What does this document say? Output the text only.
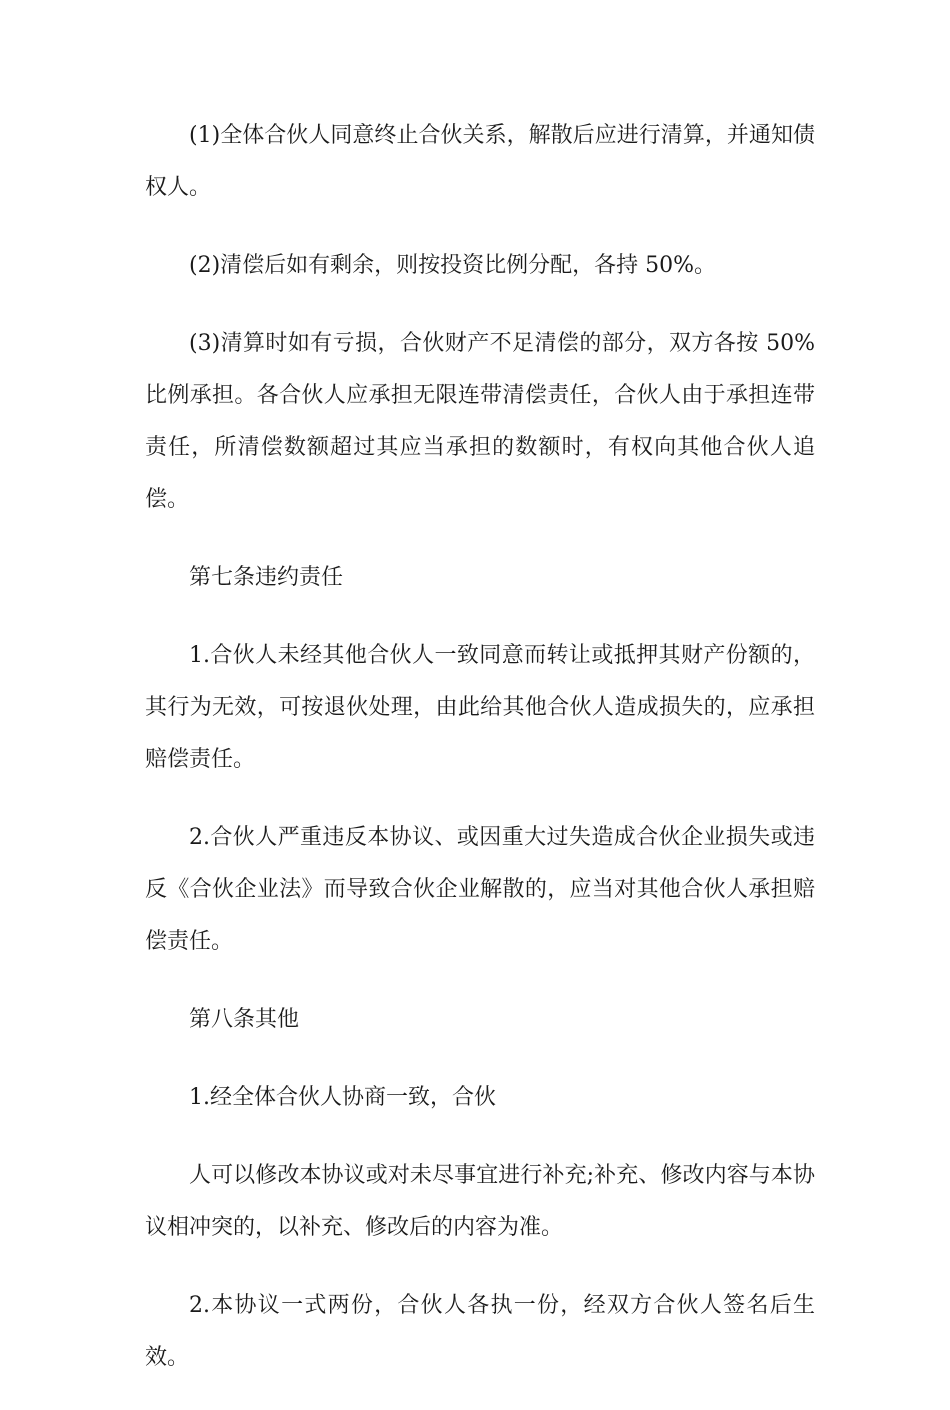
(1)全体合伙人同意终止合伙关系，解散后应进行清算，并通知债权人。

(2)清偿后如有剩余，则按投资比例分配，各持 50%。

(3)清算时如有亏损，合伙财产不足清偿的部分，双方各按 50%比例承担。各合伙人应承担无限连带清偿责任，合伙人由于承担连带责任，所清偿数额超过其应当承担的数额时，有权向其他合伙人追偿。

第七条违约责任

1.合伙人未经其他合伙人一致同意而转让或抵押其财产份额的，其行为无效，可按退伙处理，由此给其他合伙人造成损失的，应承担赔偿责任。

2.合伙人严重违反本协议、或因重大过失造成合伙企业损失或违反《合伙企业法》而导致合伙企业解散的，应当对其他合伙人承担赔偿责任。

第八条其他

1.经全体合伙人协商一致，合伙

人可以修改本协议或对未尽事宜进行补充;补充、修改内容与本协议相冲突的，以补充、修改后的内容为准。

2.本协议一式两份，合伙人各执一份，经双方合伙人签名后生效。
